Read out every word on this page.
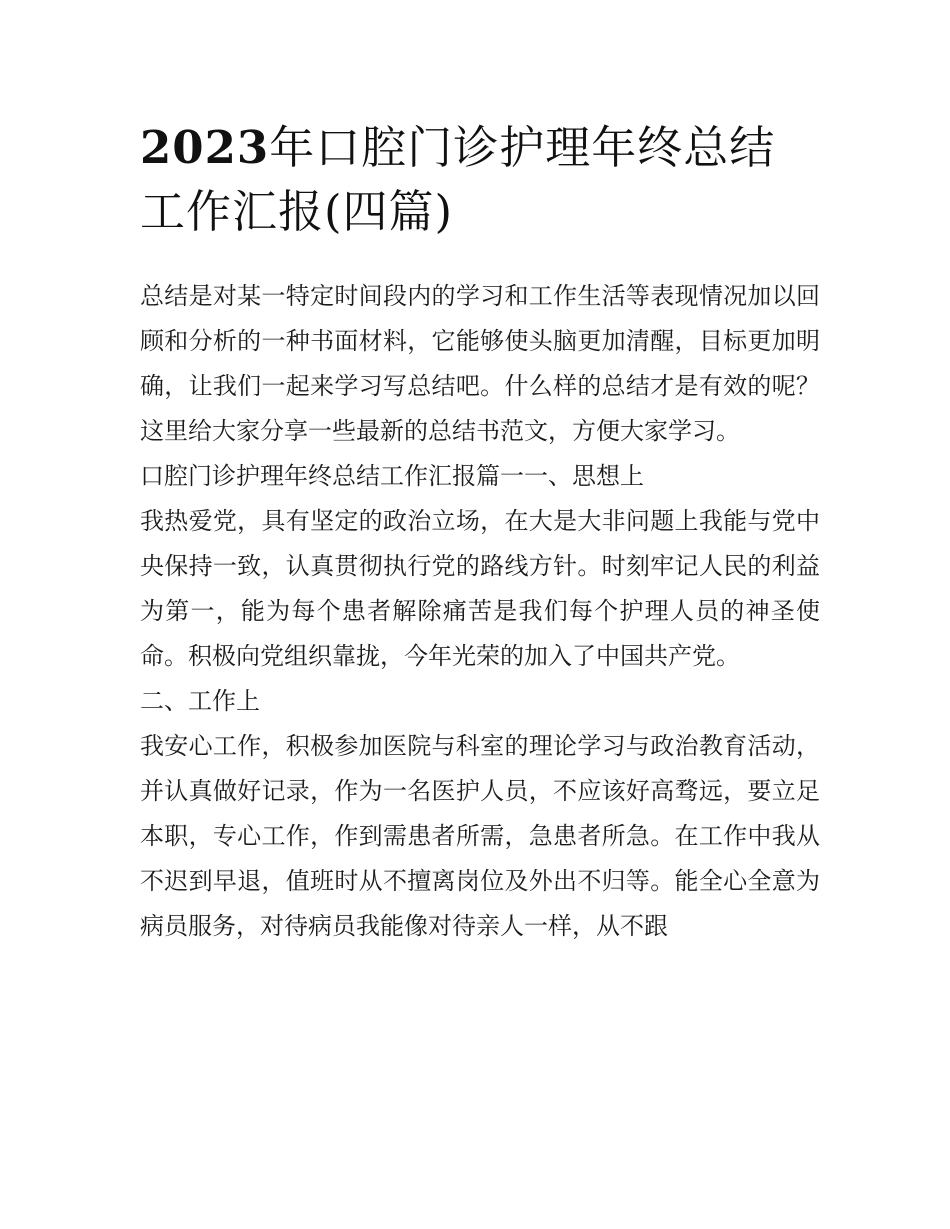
2023年口腔门诊护理年终总结
工作汇报(四篇)

总结是对某一特定时间段内的学习和工作生活等表现情况加以回顾和分析的一种书面材料，它能够使头脑更加清醒，目标更加明确，让我们一起来学习写总结吧。什么样的总结才是有效的呢？这里给大家分享一些最新的总结书范文，方便大家学习。

口腔门诊护理年终总结工作汇报篇一一、思想上

我热爱党，具有坚定的政治立场，在大是大非问题上我能与党中央保持一致，认真贯彻执行党的路线方针。时刻牢记人民的利益为第一，能为每个患者解除痛苦是我们每个护理人员的神圣使命。积极向党组织靠拢，今年光荣的加入了中国共产党。

二、工作上

我安心工作，积极参加医院与科室的理论学习与政治教育活动，并认真做好记录，作为一名医护人员，不应该好高骛远，要立足本职，专心工作，作到需患者所需，急患者所急。在工作中我从不迟到早退，值班时从不擅离岗位及外出不归等。能全心全意为病员服务，对待病员我能像对待亲人一样，从不跟
